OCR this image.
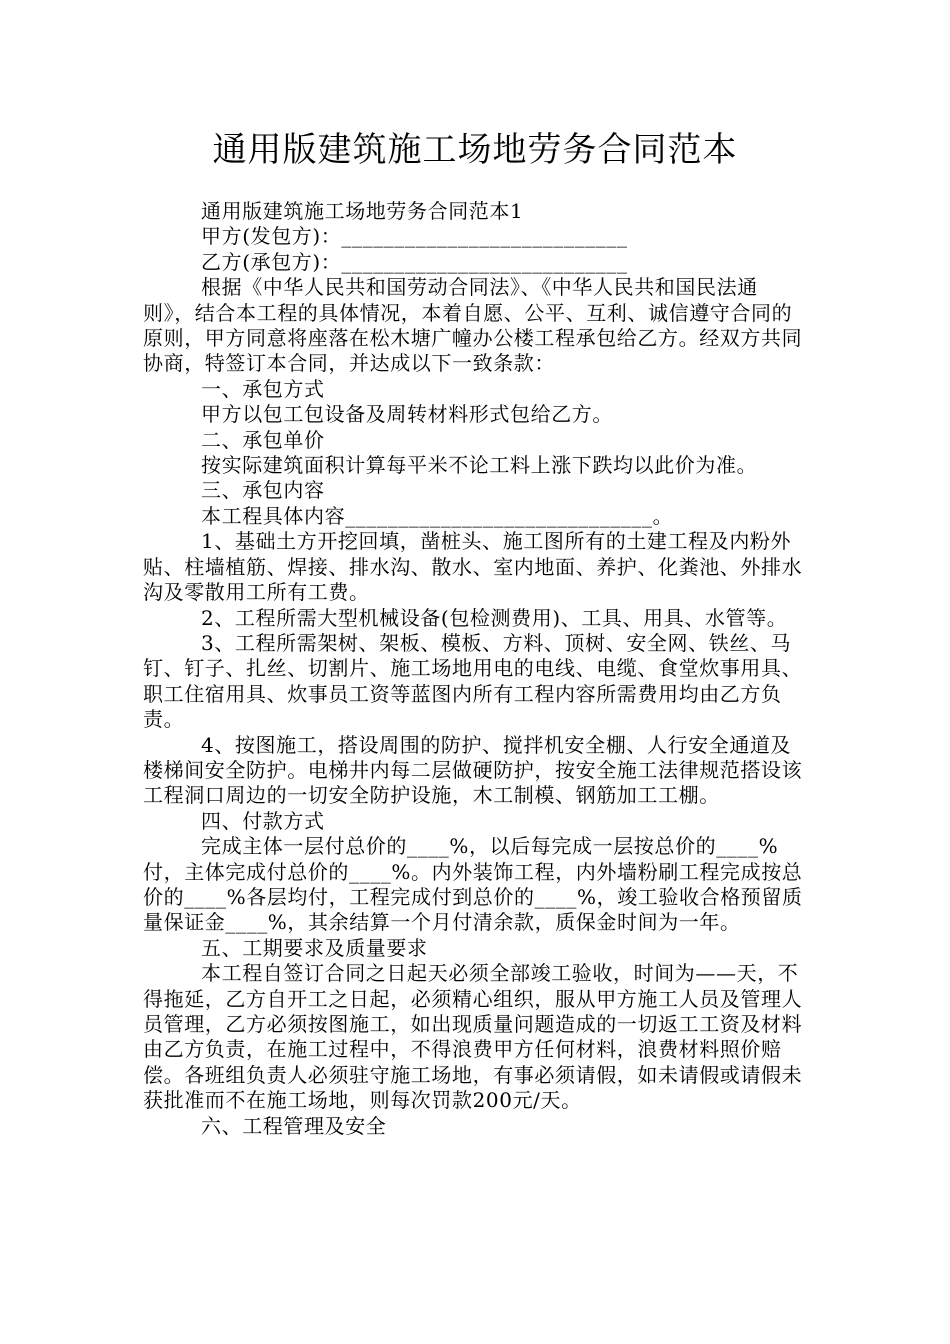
通用版建筑施工场地劳务合同范本

通用版建筑施工场地劳务合同范本1

甲方(发包方)：___________________________

乙方(承包方)：___________________________

根据《中华人民共和国劳动合同法》、《中华人民共和国民法通则》，结合本工程的具体情况，本着自愿、公平、互利、诚信遵守合同的原则，甲方同意将座落在松木塘广幢办公楼工程承包给乙方。经双方共同协商，特签订本合同，并达成以下一致条款：

一、承包方式

甲方以包工包设备及周转材料形式包给乙方。

二、承包单价

按实际建筑面积计算每平米不论工料上涨下跌均以此价为准。

三、承包内容

本工程具体内容_____________________________。

1、基础土方开挖回填，凿桩头、施工图所有的土建工程及内粉外贴、柱墙植筋、焊接、排水沟、散水、室内地面、养护、化粪池、外排水沟及零散用工所有工费。

2、工程所需大型机械设备(包检测费用)、工具、用具、水管等。

3、工程所需架树、架板、模板、方料、顶树、安全网、铁丝、马钉、钉子、扎丝、切割片、施工场地用电的电线、电缆、食堂炊事用具、职工住宿用具、炊事员工资等蓝图内所有工程内容所需费用均由乙方负责。

4、按图施工，搭设周围的防护、搅拌机安全棚、人行安全通道及楼梯间安全防护。电梯井内每二层做硬防护，按安全施工法律规范搭设该工程洞口周边的一切安全防护设施，木工制模、钢筋加工工棚。

四、付款方式

完成主体一层付总价的____%，以后每完成一层按总价的____%付，主体完成付总价的____%。内外装饰工程，内外墙粉刷工程完成按总价的____%各层均付，工程完成付到总价的____%，竣工验收合格预留质量保证金____%，其余结算一个月付清余款，质保金时间为一年。

五、工期要求及质量要求

本工程自签订合同之日起天必须全部竣工验收，时间为——天，不得拖延，乙方自开工之日起，必须精心组织，服从甲方施工人员及管理人员管理，乙方必须按图施工，如出现质量问题造成的一切返工工资及材料由乙方负责，在施工过程中，不得浪费甲方任何材料，浪费材料照价赔偿。各班组负责人必须驻守施工场地，有事必须请假，如未请假或请假未获批准而不在施工场地，则每次罚款200元/天。

六、工程管理及安全
